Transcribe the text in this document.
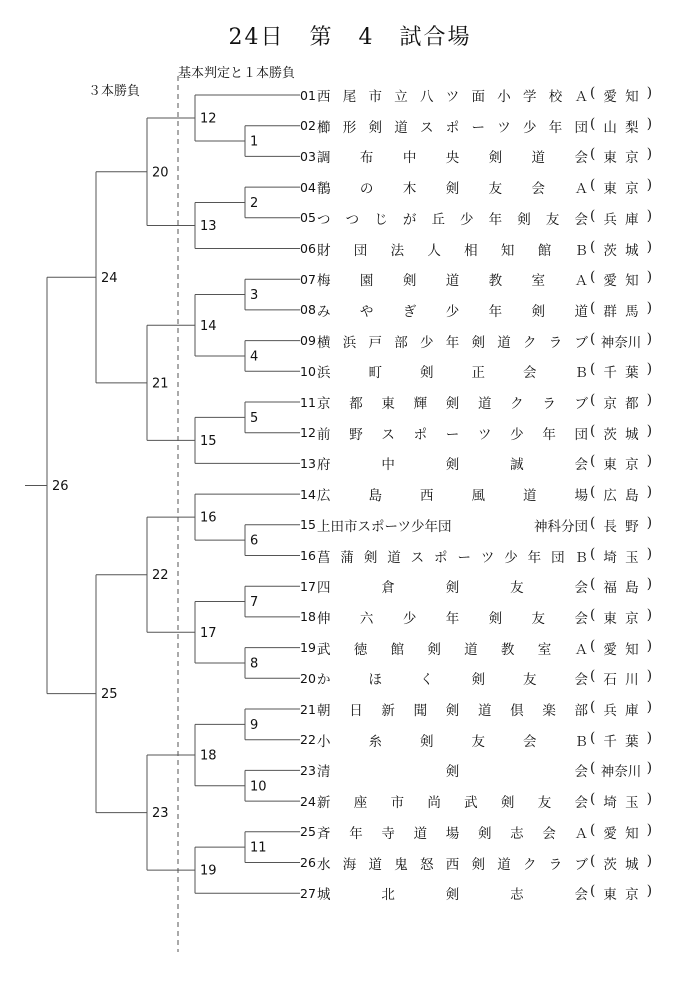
24日 第 4 試合場
基本判定と１本勝負
３本勝負
1
2
3
4
5
6
7
8
9
10
11
12
13
14
15
16
17
18
19
20
21
22
23
24
25
26
01 西 尾 市 立 八 ツ 面 小 学 校 Ａ ( 愛 知 )
02 櫛 形 剣 道 ス ポ ー ツ 少 年 団 ( 山 梨 )
03 調 布 中 央 剣 道 会 ( 東 京 )
04 鶺 の 木 剣 友 会 Ａ ( 東 京 )
05 つ つ じ が 丘 少 年 剣 友 会 ( 兵 庫 )
06 財 団 法 人 相 知 館 Ｂ ( 茨 城 )
07 梅 園 剣 道 教 室 Ａ ( 愛 知 )
08 み や ぎ 少 年 剣 道 ( 群 馬 )
09 横 浜 戸 部 少 年 剣 道 ク ラ ブ ( 神奈川 )
10 浜	町	剣	正	会	Ｂ ( 千 葉 )
11 京 都 東 輝 剣 道 ク ラ ブ ( 京 都 )
12 前 野 ス ポ ー ツ 少 年 団 ( 茨 城 )
13 府	中	剣	誠	会 ( 東 京 )
14 広	島	西	風	道	場 ( 広 島 )
15 上田市スポーツ少年団	神科分団 ( 長 野 )
16 菖 蒲 剣 道 ス ポ ー ツ 少 年 団 Ｂ ( 埼 玉 )
17 四	倉	剣	友	会 ( 福 島 )
18 伸 六 少 年 剣 友 会 ( 東 京 )
19 武 徳 館 剣 道 教 室 Ａ ( 愛 知 )
20 か	ほ	く	剣	友	会 ( 石 川 )
21 朝 日 新 聞 剣 道 倶 楽 部 ( 兵 庫 )
22 小	糸	剣	友	会	Ｂ ( 千 葉 )
23 清	剣	会 ( 神奈川 )
24 新 座 市 尚 武 剣 友 会 ( 埼 玉 )
25 斉 年 寺 道 場 剣 志 会 Ａ ( 愛 知 )
26 水 海 道 鬼 怒 西 剣 道 ク ラ ブ ( 茨 城 )
27 城	北	剣	志	会 ( 東 京 )
